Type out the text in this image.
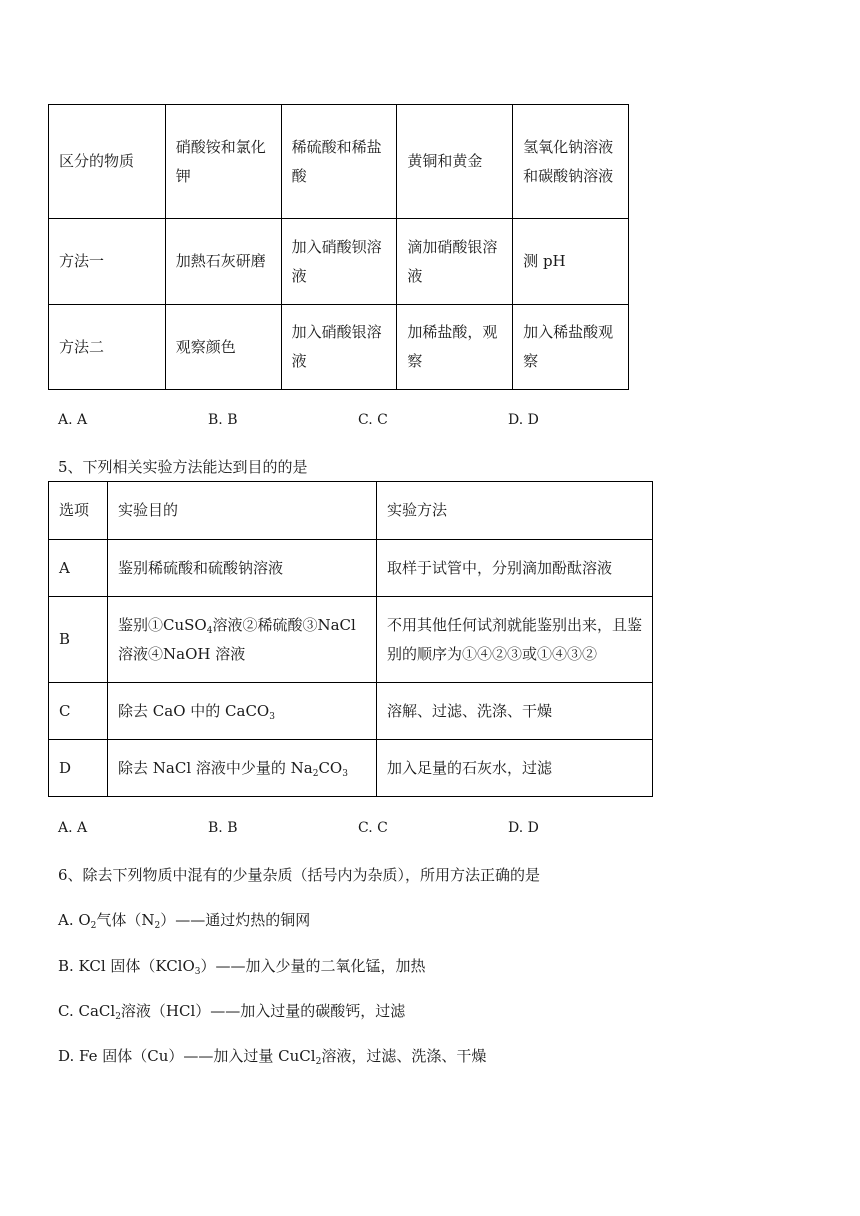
区分的物质	硝酸铵和氯化钾	稀硫酸和稀盐酸	黄铜和黄金	氢氧化钠溶液和碳酸钠溶液
方法一	加熱石灰研磨	加入硝酸钡溶液	滴加硝酸银溶液	测 pH
方法二	观察颜色	加入硝酸银溶液	加稀盐酸，观察	加入稀盐酸观察
A. A	B. B	C. C	D. D
5、下列相关实验方法能达到目的的是
选项	实验目的	实验方法
A	鉴别稀硫酸和硫酸钠溶液	取样于试管中，分别滴加酚酞溶液
B	鉴别①CuSO$_4$溶液②稀硫酸③NaCl溶液④NaOH 溶液	不用其他任何试剂就能鉴别出来，且鉴别的顺序为①④②③或①④③②
C	除去 CaO 中的 CaCO$_3$	溶解、过滤、洗涤、干燥
D	除去 NaCl 溶液中少量的 $Na_2CO_3$	加入足量的石灰水，过滤
A. A	B. B	C. C	D. D
6、除去下列物质中混有的少量杂质（括号内为杂质），所用方法正确的是
A. $O_2$气体$(N_2)——$通过灼热的铜网
B. KCl 固体（KClO$_3$）——加入少量的二氧化锰，加热
C. CaCl$_2$溶液（HCl）——加入过量的碳酸钙，过滤
D. Fe 固体（Cu）——加入过量 CuCl$_2$溶液，过滤、洗涤、干燥
